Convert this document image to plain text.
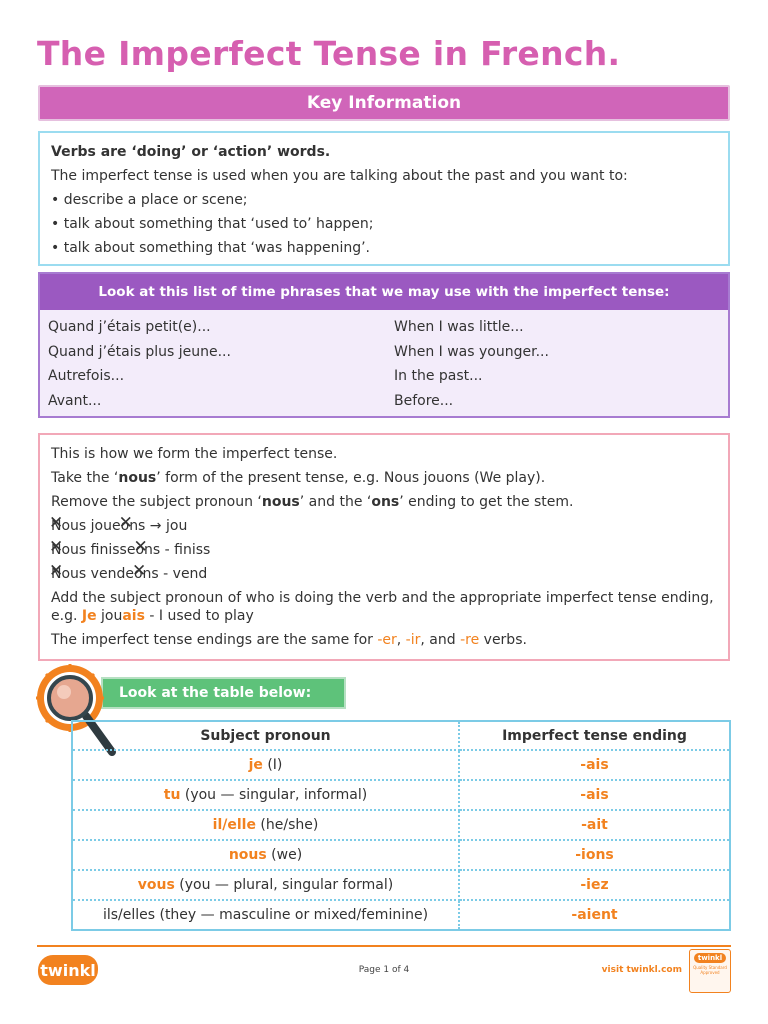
The Imperfect Tense in French.
Key Information
Verbs are ‘doing’ or ‘action’ words.
The imperfect tense is used when you are talking about the past and you want to:
• describe a place or scene;
• talk about something that ‘used to’ happen;
• talk about something that ‘was happening’.
Look at this list of time phrases that we may use with the imperfect tense:
Quand j’étais petit(e)...	When I was little...
Quand j’étais plus jeune...	When I was younger...
Autrefois...	In the past...
Avant...	Before...
This is how we form the imperfect tense.
Take the ‘nous’ form of the present tense, e.g. Nous jouons (We play).
Remove the subject pronoun ‘nous’ and the ‘ons’ ending to get the stem.
N ✕ous joueo ✕ns → jou
N ✕ous finisseo ✕ns - finiss
N ✕ous vendeo ✕ns - vend
Add the subject pronoun of who is doing the verb and the appropriate imperfect tense ending, e.g. Je jouais - I used to play
The imperfect tense endings are the same for -er, -ir, and -re verbs.
Look at the table below:
Subject pronoun	Imperfect tense ending
je (I)	-ais
tu (you — singular, informal)	-ais
il/elle (he/she)	-ait
nous (we)	-ions
vous (you — plural, singular formal)	-iez
ils/elles (they — masculine or mixed/feminine)	-aient
twinkl	Page 1 of 4	visit twinkl.com
twinkl
Quality Standard Approved
